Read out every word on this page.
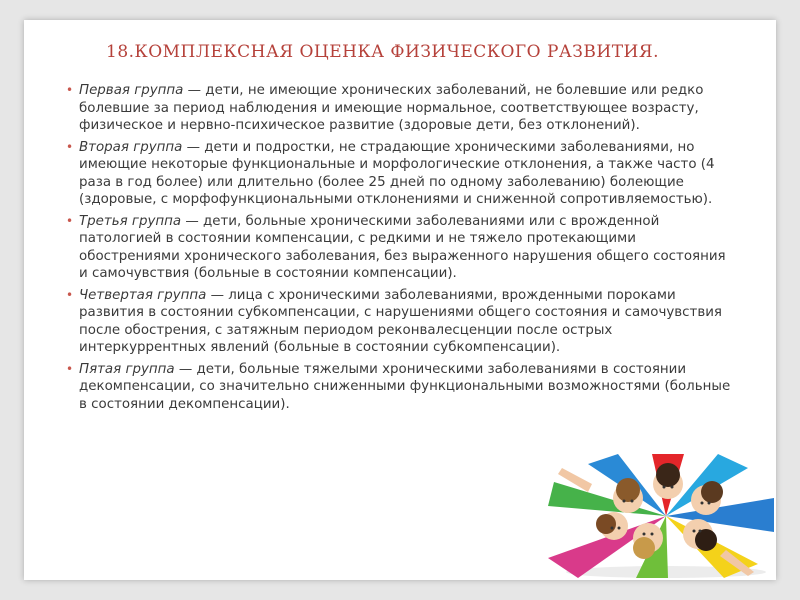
18.КОМПЛЕКСНАЯ ОЦЕНКА ФИЗИЧЕСКОГО РАЗВИТИЯ.
• Первая группа — дети, не имеющие хронических заболеваний, не болевшие или редко болевшие за период наблюдения и имеющие нормальное, соответствующее возрасту, физическое и нервно-психическое развитие (здоровые дети, без отклонений).
• Вторая группа — дети и подростки, не страдающие хроническими заболеваниями, но имеющие некоторые функциональные и морфологические отклонения, а также часто (4 раза в год более) или длительно (более 25 дней по одному заболеванию) болеющие (здоровые, с морфофункциональными отклонениями и сниженной сопротивляемостью).
• Третья группа — дети, больные хроническими заболеваниями или с врожденной патологией в состоянии компенсации, с редкими и не тяжело протекающими обострениями хронического заболевания, без выраженного нарушения общего состояния и самочувствия (больные в состоянии компенсации).
• Четвертая группа — лица с хроническими заболеваниями, врожденными пороками развития в состоянии субкомпенсации, с нарушениями общего состояния и самочувствия после обострения, с затяжным периодом реконвалесценции после острых интеркуррентных явлений (больные в состоянии субкомпенсации).
• Пятая группа — дети, больные тяжелыми хроническими заболеваниями в состоянии декомпенсации, со значительно сниженными функциональными возможностями (больные в состоянии декомпенсации).
